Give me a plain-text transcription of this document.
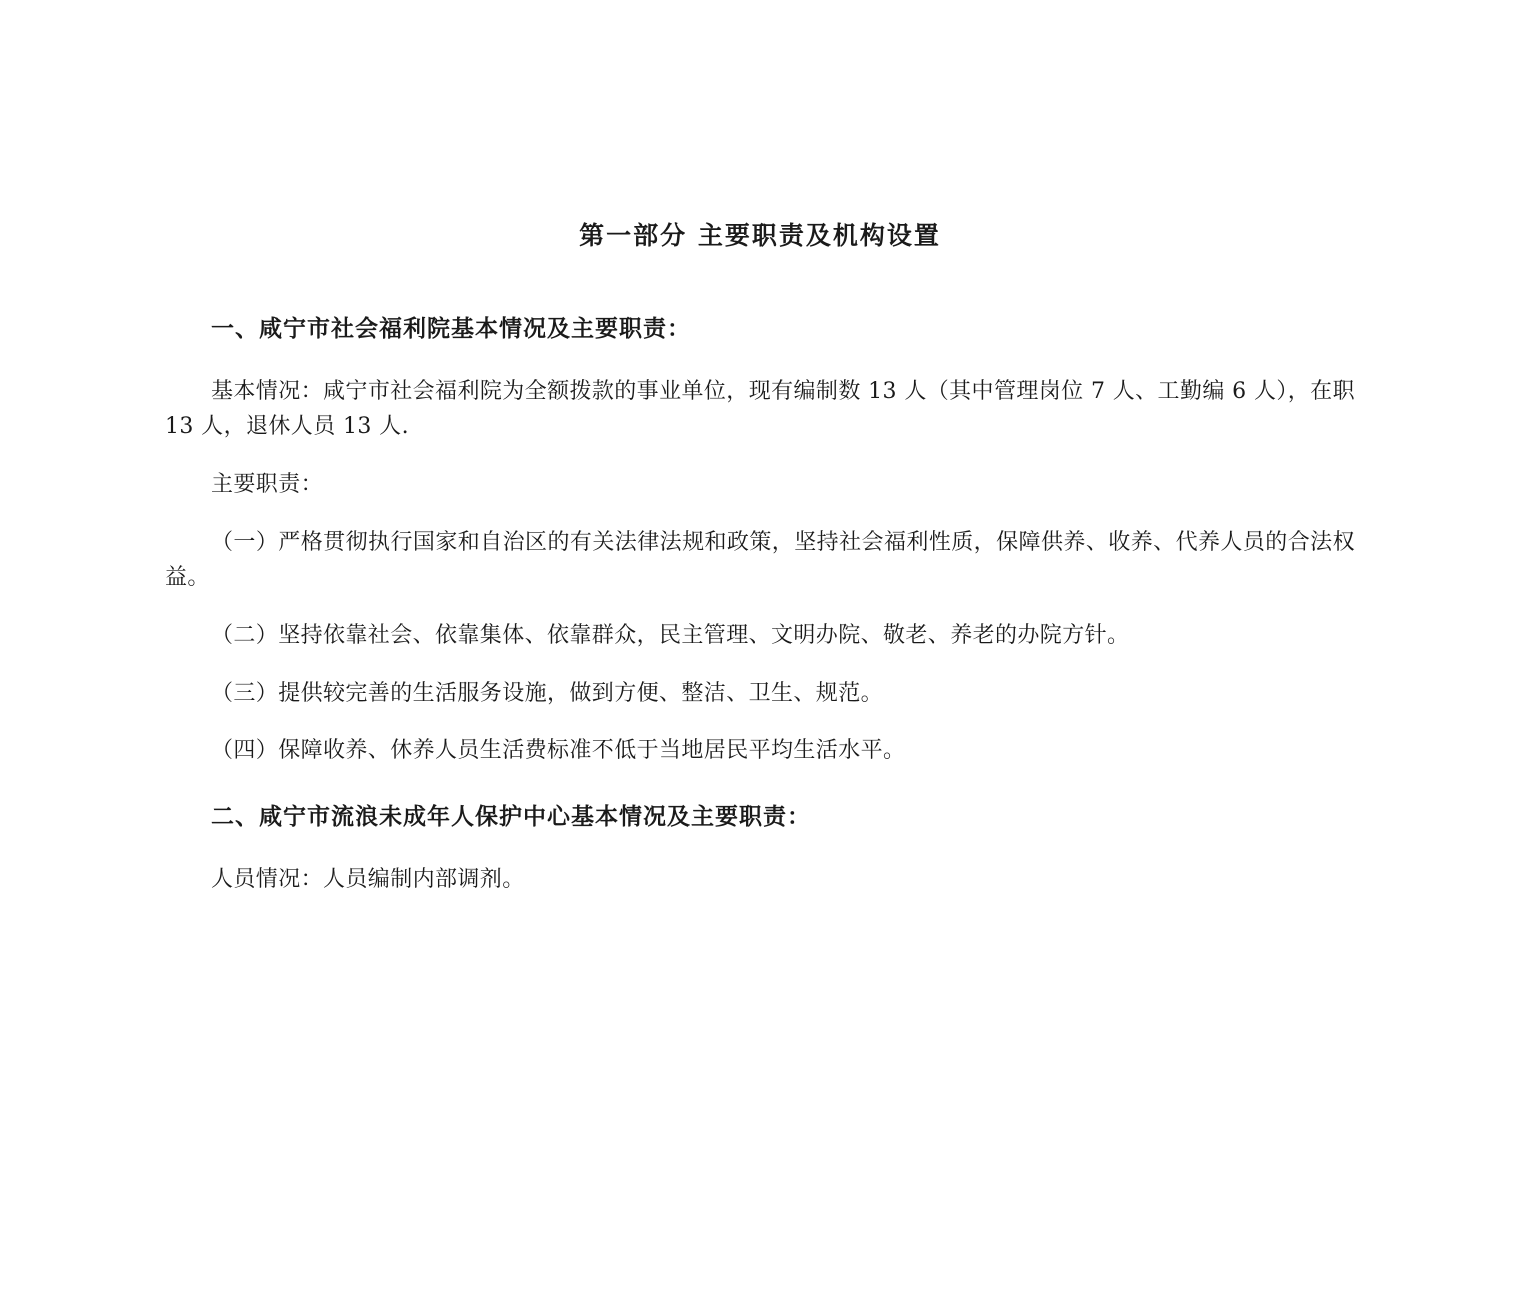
第一部分 主要职责及机构设置
一、咸宁市社会福利院基本情况及主要职责：
基本情况：咸宁市社会福利院为全额拨款的事业单位，现有编制数 13 人（其中管理岗位 7 人、工勤编 6 人），在职 13 人，退休人员 13 人.
主要职责：
（一）严格贯彻执行国家和自治区的有关法律法规和政策，坚持社会福利性质，保障供养、收养、代养人员的合法权益。
（二）坚持依靠社会、依靠集体、依靠群众，民主管理、文明办院、敬老、养老的办院方针。
（三）提供较完善的生活服务设施，做到方便、整洁、卫生、规范。
（四）保障收养、休养人员生活费标准不低于当地居民平均生活水平。
二、咸宁市流浪未成年人保护中心基本情况及主要职责：
人员情况：人员编制内部调剂。
